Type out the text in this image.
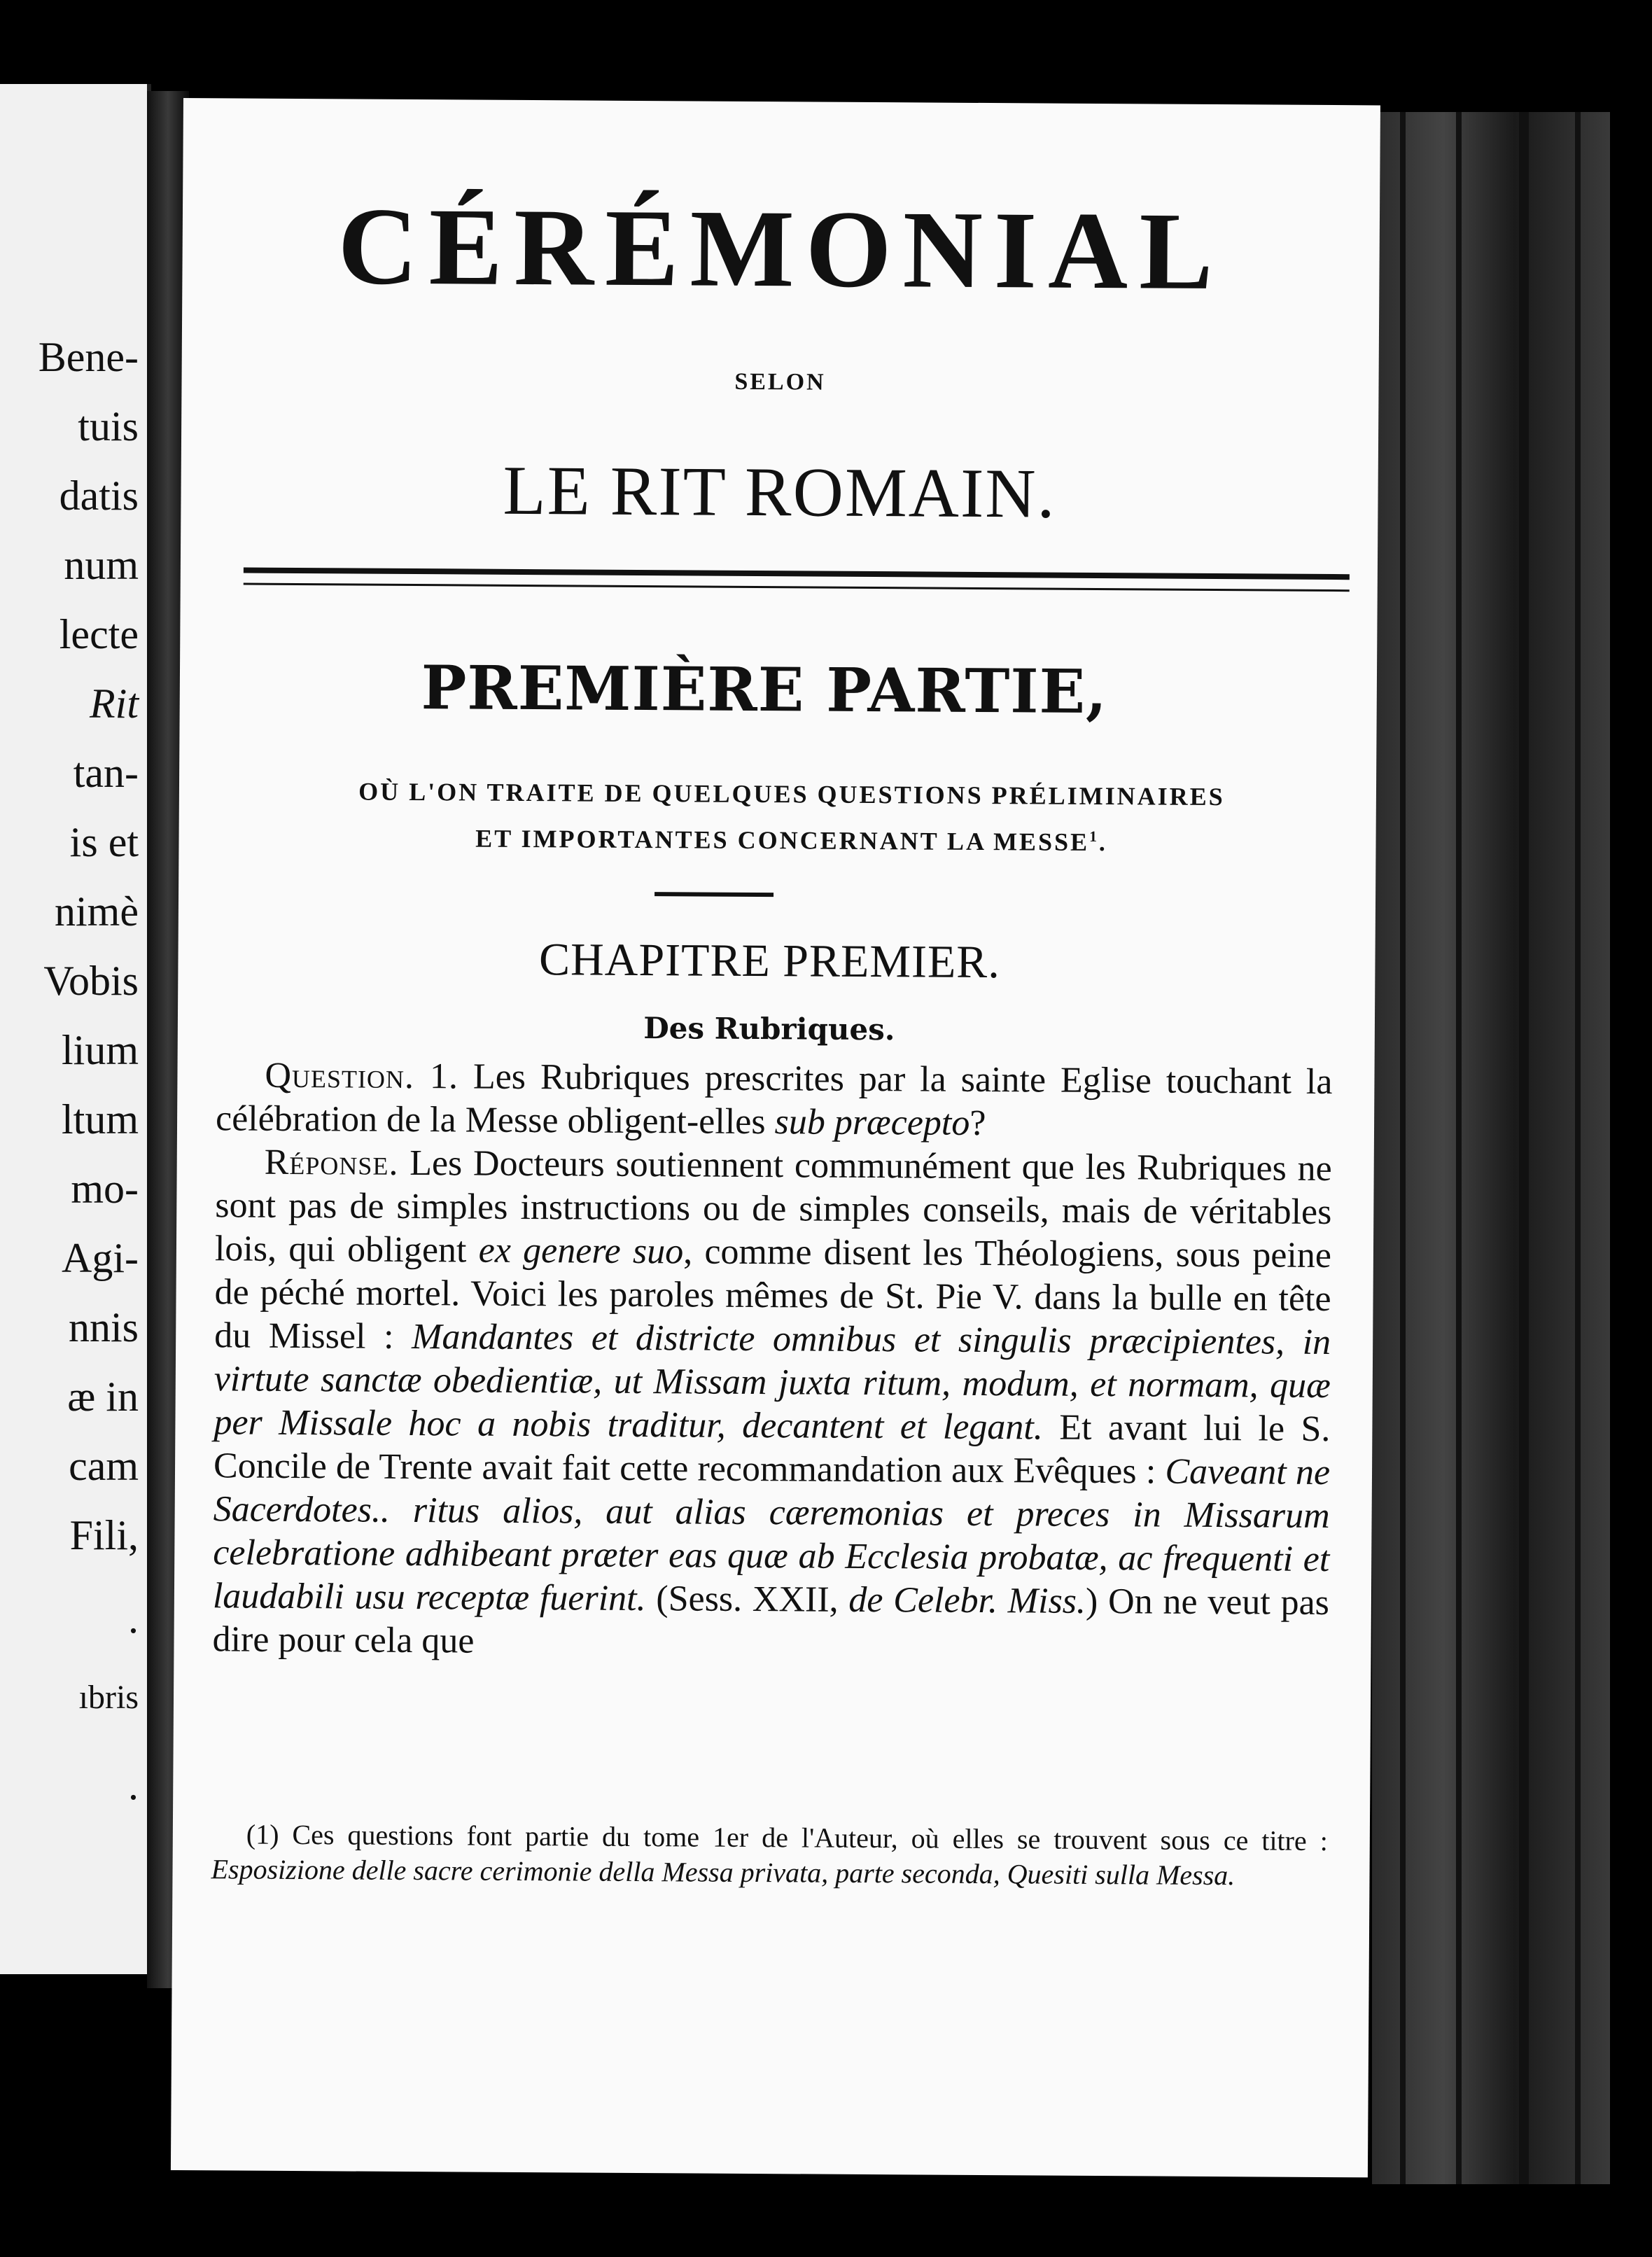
Bene-
tuis
datis
num
lecte
Rit
tan-
is et
nimè
Vobis
lium
ltum
mo-
Agi-
nnis
æ in
cam
Fili,
.
ıbris
.
CÉRÉMONIAL
SELON
LE RIT ROMAIN.
PREMIÈRE PARTIE,
OÙ L'ON TRAITE DE QUELQUES QUESTIONS PRÉLIMINAIRES
ET IMPORTANTES CONCERNANT LA MESSE$^1$.
CHAPITRE PREMIER.
Des Rubriques.

Question. 1. Les Rubriques prescrites par la sainte Eglise touchant la célébration de la Messe obligent-elles sub præcepto?

Réponse. Les Docteurs soutiennent communément que les Rubriques ne sont pas de simples instructions ou de simples conseils, mais de véritables lois, qui obligent ex genere suo, comme disent les Théologiens, sous peine de péché mortel. Voici les paroles mêmes de St. Pie V. dans la bulle en tête du Missel : Mandantes et districte omnibus et singulis præcipientes, in virtute sanctæ obedientiæ, ut Missam juxta ritum, modum, et normam, quæ per Missale hoc a nobis traditur, decantent et legant. Et avant lui le S. Concile de Trente avait fait cette recommandation aux Evêques : Caveant ne Sacerdotes.. ritus alios, aut alias cæremonias et preces in Missarum celebratione adhibeant præter eas quæ ab Ecclesia probatæ, ac frequenti et laudabili usu receptæ fuerint. (Sess. XXII, de Celebr. Miss.) On ne veut pas dire pour cela que

(1) Ces questions font partie du tome 1er de l'Auteur, où elles se trouvent sous ce titre : Esposizione delle sacre cerimonie della Messa privata, parte seconda, Quesiti sulla Messa.
